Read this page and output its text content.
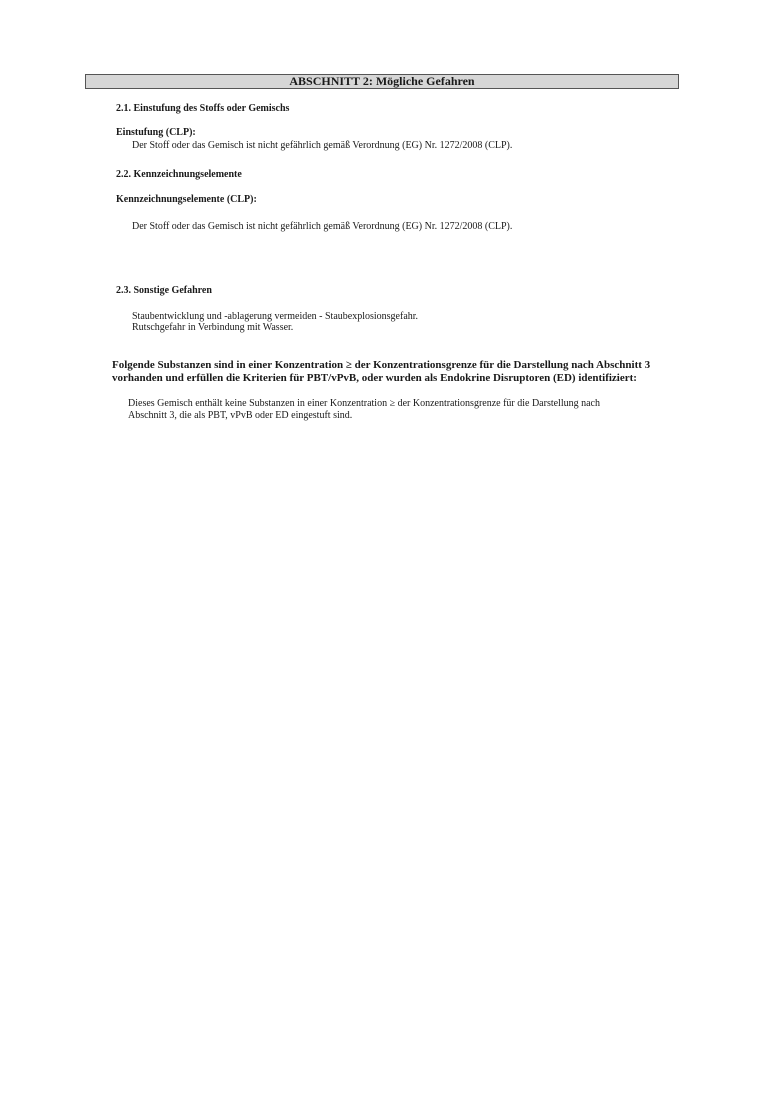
ABSCHNITT 2: Mögliche Gefahren
2.1. Einstufung des Stoffs oder Gemischs
Einstufung (CLP):
Der Stoff oder das Gemisch ist nicht gefährlich gemäß Verordnung (EG) Nr. 1272/2008 (CLP).
2.2. Kennzeichnungselemente
Kennzeichnungselemente (CLP):
Der Stoff oder das Gemisch ist nicht gefährlich gemäß Verordnung (EG) Nr. 1272/2008 (CLP).
2.3. Sonstige Gefahren
Staubentwicklung und -ablagerung vermeiden - Staubexplosionsgefahr.
Rutschgefahr in Verbindung mit Wasser.
Folgende Substanzen sind in einer Konzentration ≥ der Konzentrationsgrenze für die Darstellung nach Abschnitt 3
vorhanden und erfüllen die Kriterien für PBT/vPvB, oder wurden als Endokrine Disruptoren (ED) identifiziert:
Dieses Gemisch enthält keine Substanzen in einer Konzentration ≥ der Konzentrationsgrenze für die Darstellung nach
Abschnitt 3, die als PBT, vPvB oder ED eingestuft sind.
